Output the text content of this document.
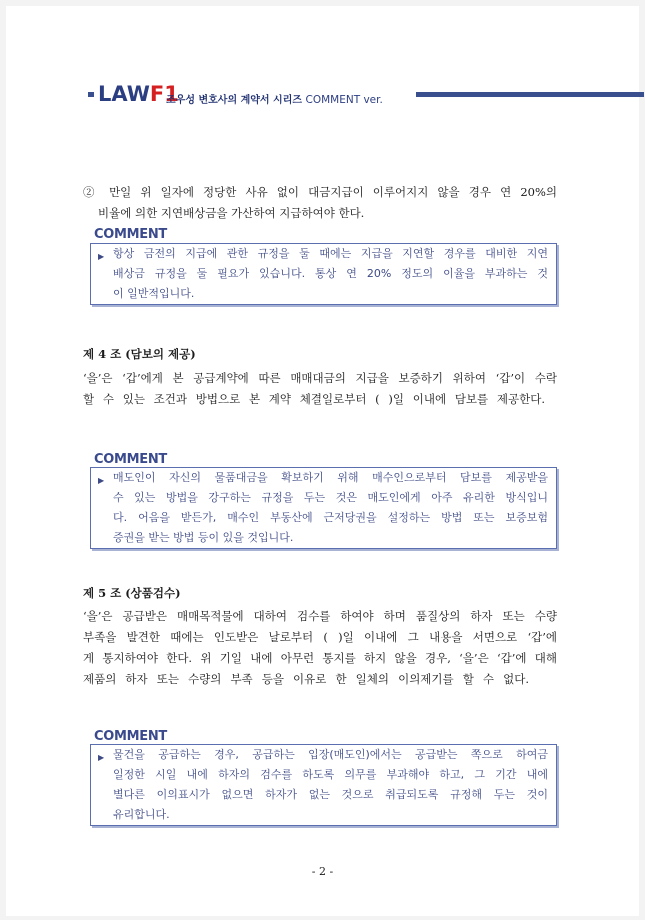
LAWF1
조우성 변호사의 계약서 시리즈 COMMENT ver.
② 만일 위 일자에 정당한 사유 없이 대금지급이 이루어지지 않을 경우 연 20%의
비율에 의한 지연배상금을 가산하여 지급하여야 한다.
COMMENT
▶ 항상 금전의 지급에 관한 규정을 둘 때에는 지급을 지연할 경우를 대비한 지연
배상금 규정을 둘 필요가 있습니다. 통상 연 20% 정도의 이율을 부과하는 것
이 일반적입니다.
제 4 조 (담보의 제공)
‘을’은 ‘갑’에게 본 공급계약에 따른 매매대금의 지급을 보증하기 위하여 ‘갑’이 수락
할 수 있는 조건과 방법으로 본 계약 체결일로부터 ( )일 이내에 담보를 제공한다.
COMMENT
▶ 매도인이 자신의 물품대금을 확보하기 위해 매수인으로부터 담보를 제공받을
수 있는 방법을 강구하는 규정을 두는 것은 매도인에게 아주 유리한 방식입니
다. 어음을 받든가, 매수인 부동산에 근저당권을 설정하는 방법 또는 보증보험
증권을 받는 방법 등이 있을 것입니다.
제 5 조 (상품검수)
‘을’은 공급받은 매매목적물에 대하여 검수를 하여야 하며 품질상의 하자 또는 수량
부족을 발견한 때에는 인도받은 날로부터 ( )일 이내에 그 내용을 서면으로 ‘갑’에
게 통지하여야 한다. 위 기일 내에 아무런 통지를 하지 않을 경우, ‘을’은 ‘갑’에 대해
제품의 하자 또는 수량의 부족 등을 이유로 한 일체의 이의제기를 할 수 없다.
COMMENT
▶ 물건을 공급하는 경우, 공급하는 입장(매도인)에서는 공급받는 쪽으로 하여금
일정한 시일 내에 하자의 검수를 하도록 의무를 부과해야 하고, 그 기간 내에
별다른 이의표시가 없으면 하자가 없는 것으로 취급되도록 규정해 두는 것이
유리합니다.
- 2 -
